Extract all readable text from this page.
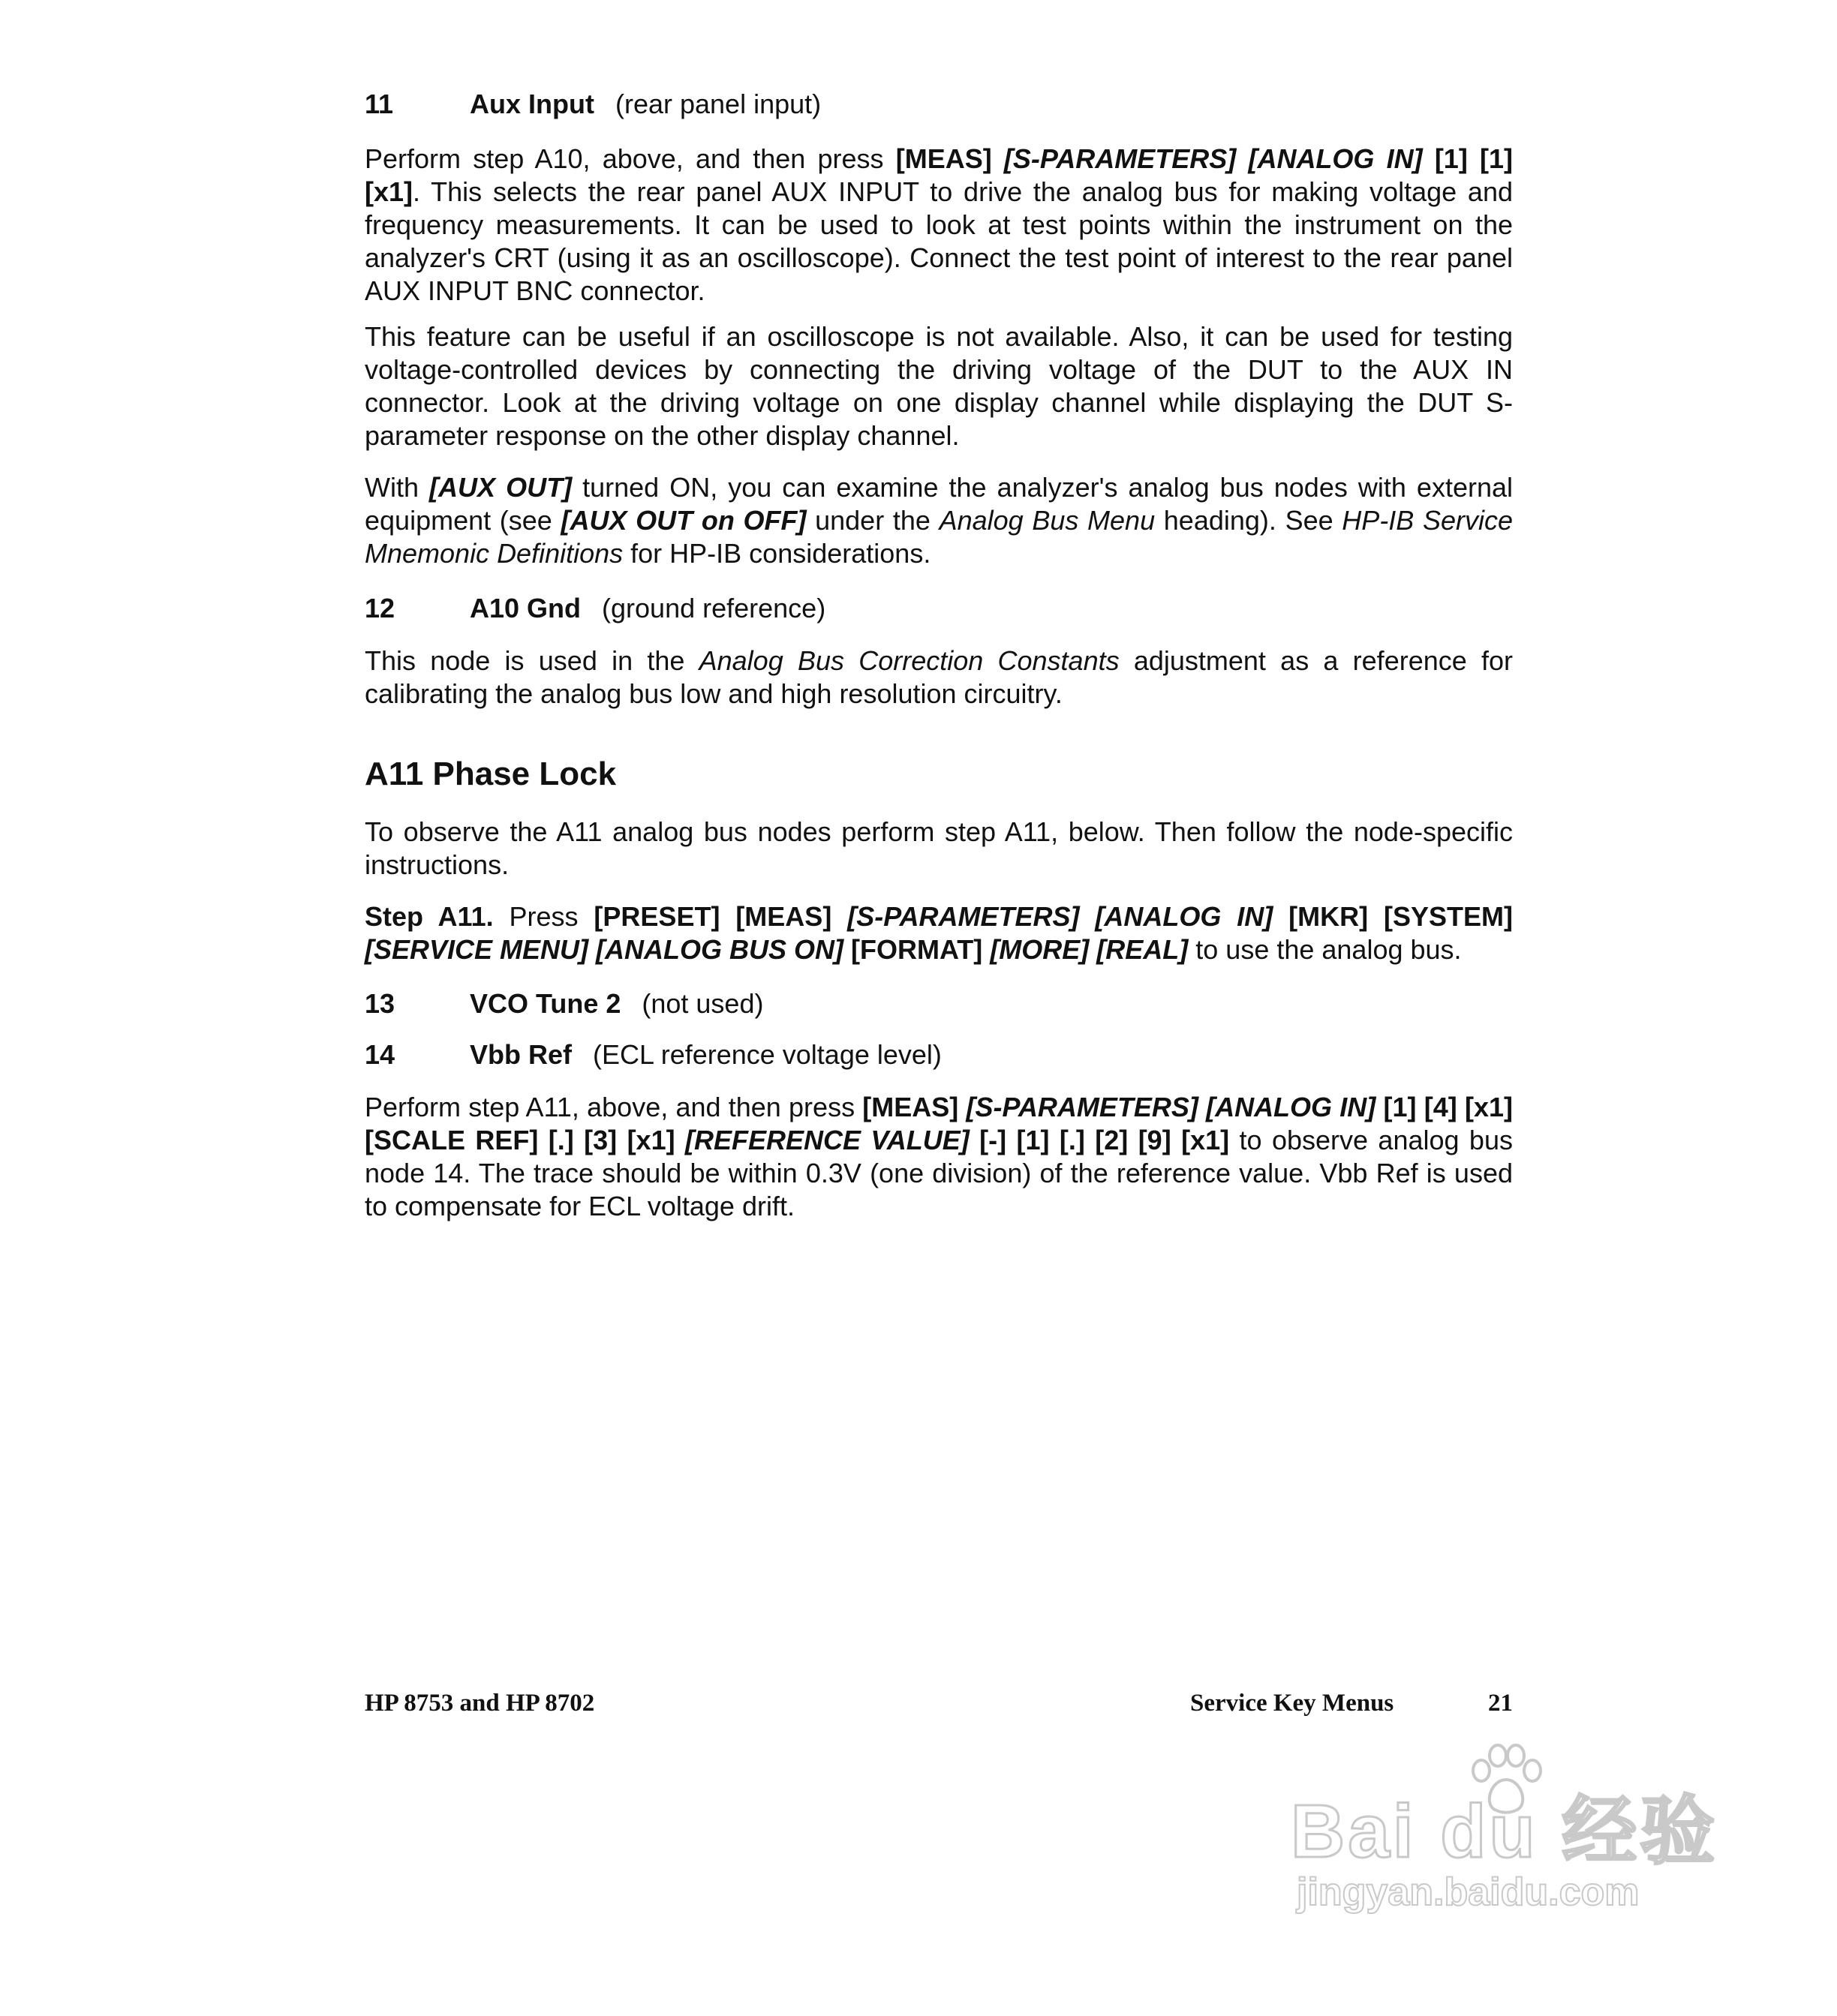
11	Aux Input (rear panel input)

Perform step A10, above, and then press [MEAS] [S-PARAMETERS] [ANALOG IN] [1] [1] [x1]. This selects the rear panel AUX INPUT to drive the analog bus for making voltage and frequency measurements. It can be used to look at test points within the instrument on the analyzer's CRT (using it as an oscilloscope). Connect the test point of interest to the rear panel AUX INPUT BNC connector.

This feature can be useful if an oscilloscope is not available. Also, it can be used for testing voltage-controlled devices by connecting the driving voltage of the DUT to the AUX IN connector. Look at the driving voltage on one display channel while displaying the DUT S-parameter response on the other display channel.

With [AUX OUT] turned ON, you can examine the analyzer's analog bus nodes with external equipment (see [AUX OUT on OFF] under the Analog Bus Menu heading). See HP-IB Service Mnemonic Definitions for HP-IB considerations.

12	A10 Gnd (ground reference)

This node is used in the Analog Bus Correction Constants adjustment as a reference for calibrating the analog bus low and high resolution circuitry.

A11 Phase Lock

To observe the A11 analog bus nodes perform step A11, below. Then follow the node-specific instructions.

Step A11. Press [PRESET] [MEAS] [S-PARAMETERS] [ANALOG IN] [MKR] [SYSTEM] [SERVICE MENU] [ANALOG BUS ON] [FORMAT] [MORE] [REAL] to use the analog bus.

13	VCO Tune 2 (not used)
14	Vbb Ref (ECL reference voltage level)

Perform step A11, above, and then press [MEAS] [S-PARAMETERS] [ANALOG IN] [1] [4] [x1] [SCALE REF] [.] [3] [x1] [REFERENCE VALUE] [-] [1] [.] [2] [9] [x1] to observe analog bus node 14. The trace should be within 0.3V (one division) of the reference value. Vbb Ref is used to compensate for ECL voltage drift.

HP 8753 and HP 8702	Service Key Menus	21
Bai du 经验
jingyan.baidu.com
